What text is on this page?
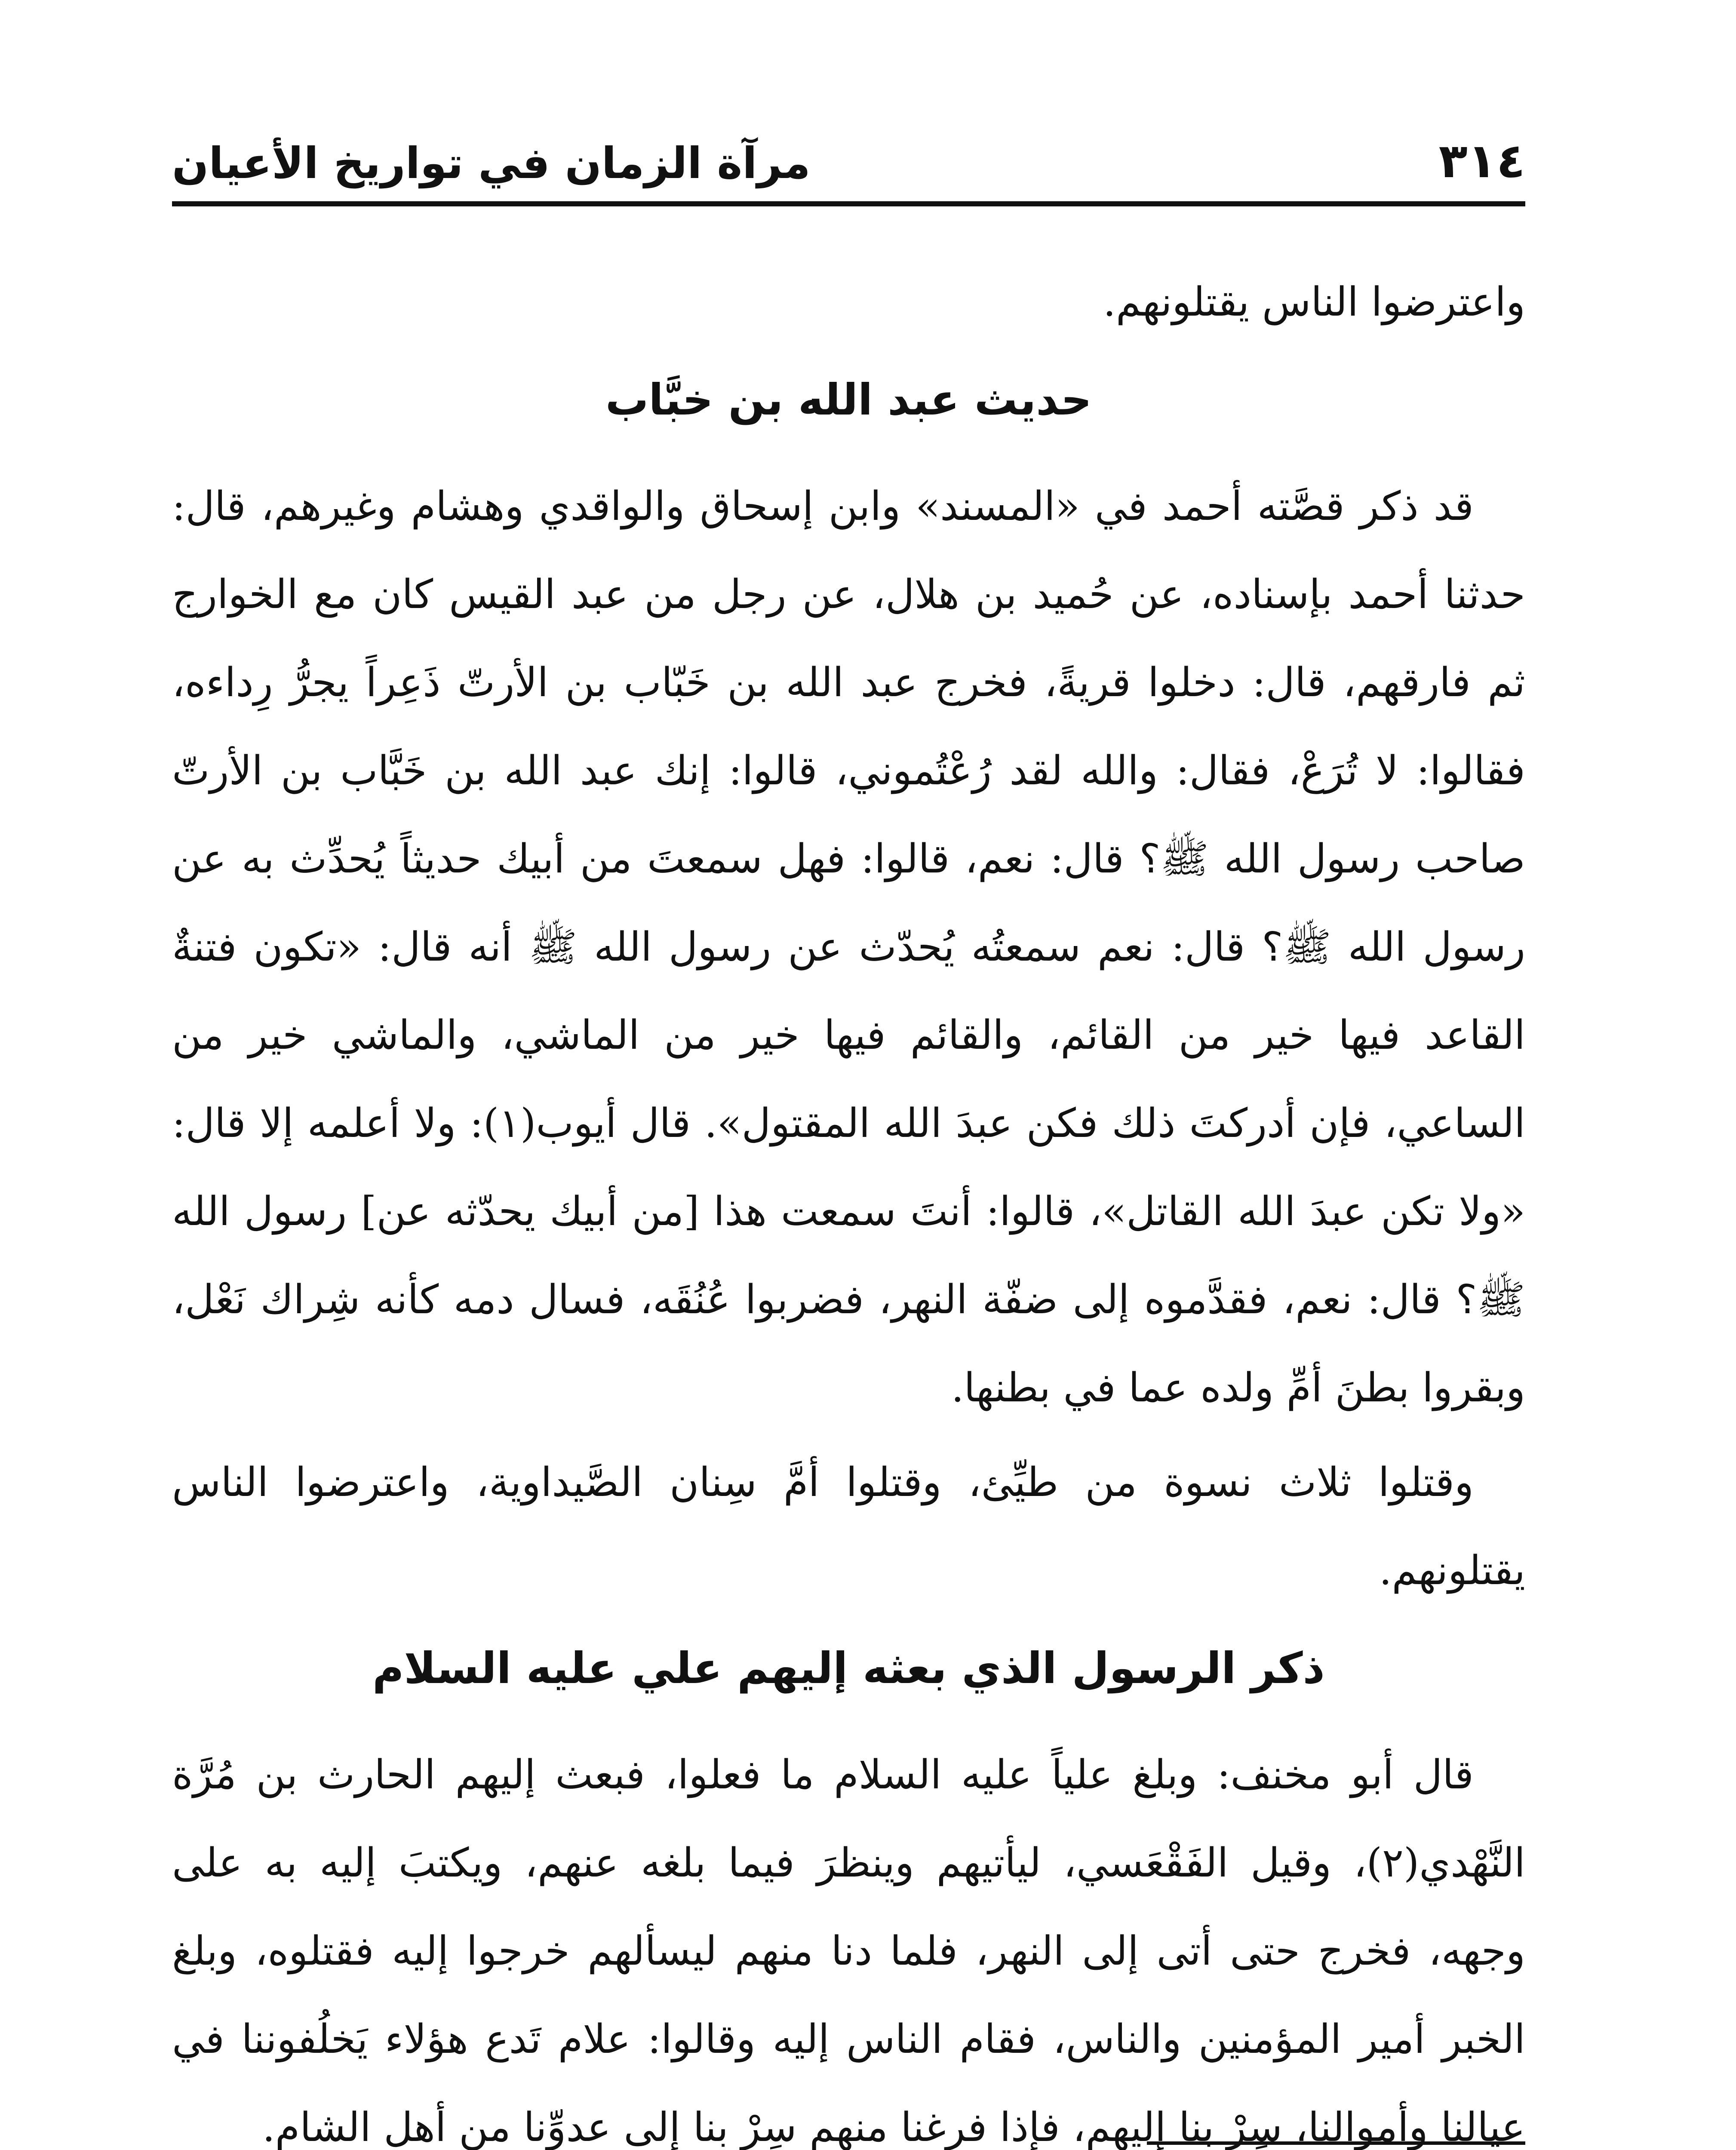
٣١٤
مرآة الزمان في تواريخ الأعيان

واعترضوا الناس يقتلونهم.

حديث عبد الله بن خبَّاب

قد ذكر قصَّته أحمد في «المسند» وابن إسحاق والواقدي وهشام وغيرهم، قال: حدثنا أحمد بإسناده، عن حُميد بن هلال، عن رجل من عبد القيس كان مع الخوارج ثم فارقهم، قال: دخلوا قريةً، فخرج عبد الله بن خَبّاب بن الأرتّ ذَعِراً يجرُّ رِداءه، فقالوا: لا تُرَعْ، فقال: والله لقد رُعْتُموني، قالوا: إنك عبد الله بن خَبَّاب بن الأرتّ صاحب رسول الله ﷺ؟ قال: نعم، قالوا: فهل سمعتَ من أبيك حديثاً يُحدِّث به عن رسول الله ﷺ؟ قال: نعم سمعتُه يُحدّث عن رسول الله ﷺ أنه قال: «تكون فتنةٌ القاعد فيها خير من القائم، والقائم فيها خير من الماشي، والماشي خير من الساعي، فإن أدركتَ ذلك فكن عبدَ الله المقتول». قال أيوب(١): ولا أعلمه إلا قال: «ولا تكن عبدَ الله القاتل»، قالوا: أنتَ سمعت هذا [من أبيك يحدّثه عن] رسول الله ﷺ؟ قال: نعم، فقدَّموه إلى ضفّة النهر، فضربوا عُنُقَه، فسال دمه كأنه شِراك نَعْل، وبقروا بطنَ أمِّ ولده عما في بطنها.

وقتلوا ثلاث نسوة من طيِّئ، وقتلوا أمَّ سِنان الصَّيداوية، واعترضوا الناس يقتلونهم.

ذكر الرسول الذي بعثه إليهم علي عليه السلام

قال أبو مخنف: وبلغ علياً عليه السلام ما فعلوا، فبعث إليهم الحارث بن مُرَّة النَّهْدي(٢)، وقيل الفَقْعَسي، ليأتيهم وينظرَ فيما بلغه عنهم، ويكتبَ إليه به على وجهه، فخرج حتى أتى إلى النهر، فلما دنا منهم ليسألهم خرجوا إليه فقتلوه، وبلغ الخبر أمير المؤمنين والناس، فقام الناس إليه وقالوا: علام تَدع هؤلاء يَخلُفوننا في عيالنا وأموالنا، سِرْ بنا إليهم، فإذا فرغنا منهم سِرْ بنا إلى عدوِّنا من أهل الشام.
